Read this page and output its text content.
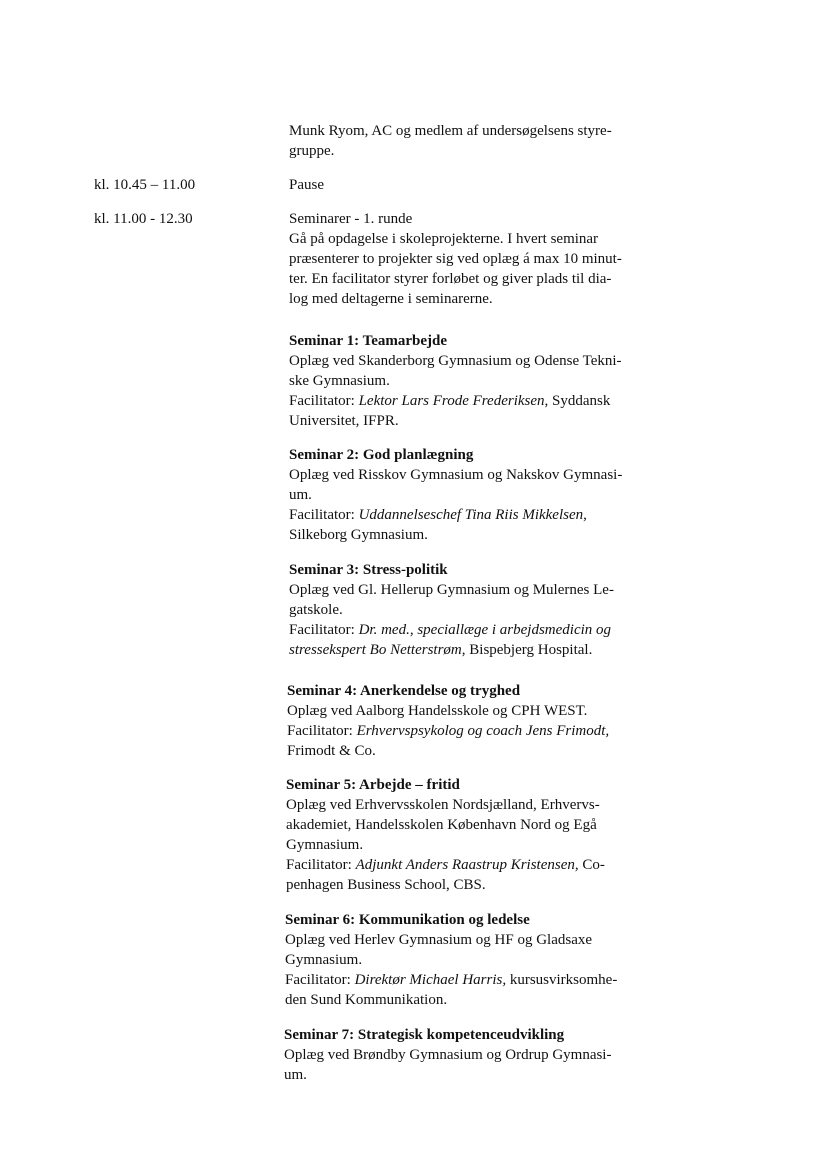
Munk Ryom, AC og medlem af undersøgelsens styre-

gruppe.

kl. 10.45 – 11.00	Pause

kl. 11.00 - 12.30	Seminarer - 1. runde

Gå på opdagelse i skoleprojekterne. I hvert seminar

præsenterer to projekter sig ved oplæg á max 10 minut-

ter. En facilitator styrer forløbet og giver plads til dia-

log med deltagerne i seminarerne.

Seminar 1: Teamarbejde

Oplæg ved Skanderborg Gymnasium og Odense Tekni-

ske Gymnasium.

Facilitator: Lektor Lars Frode Frederiksen, Syddansk

Universitet, IFPR.

Seminar 2: God planlægning

Oplæg ved Risskov Gymnasium og Nakskov Gymnasi-

um.

Facilitator: Uddannelseschef Tina Riis Mikkelsen,

Silkeborg Gymnasium.

Seminar 3: Stress-politik

Oplæg ved Gl. Hellerup Gymnasium og Mulernes Le-

gatskole.

Facilitator: Dr. med., speciallæge i arbejdsmedicin og

stressekspert Bo Netterstrøm, Bispebjerg Hospital.

Seminar 4: Anerkendelse og tryghed

Oplæg ved Aalborg Handelsskole og CPH WEST.

Facilitator: Erhvervspsykolog og coach Jens Frimodt,

Frimodt & Co.

Seminar 5: Arbejde – fritid

Oplæg ved Erhvervsskolen Nordsjælland, Erhvervs-

akademiet, Handelsskolen København Nord og Egå

Gymnasium.

Facilitator: Adjunkt Anders Raastrup Kristensen, Co-

penhagen Business School, CBS.

Seminar 6: Kommunikation og ledelse

Oplæg ved Herlev Gymnasium og HF og Gladsaxe

Gymnasium.

Facilitator: Direktør Michael Harris, kursusvirksomhe-

den Sund Kommunikation.

Seminar 7: Strategisk kompetenceudvikling

Oplæg ved Brøndby Gymnasium og Ordrup Gymnasi-

um.
